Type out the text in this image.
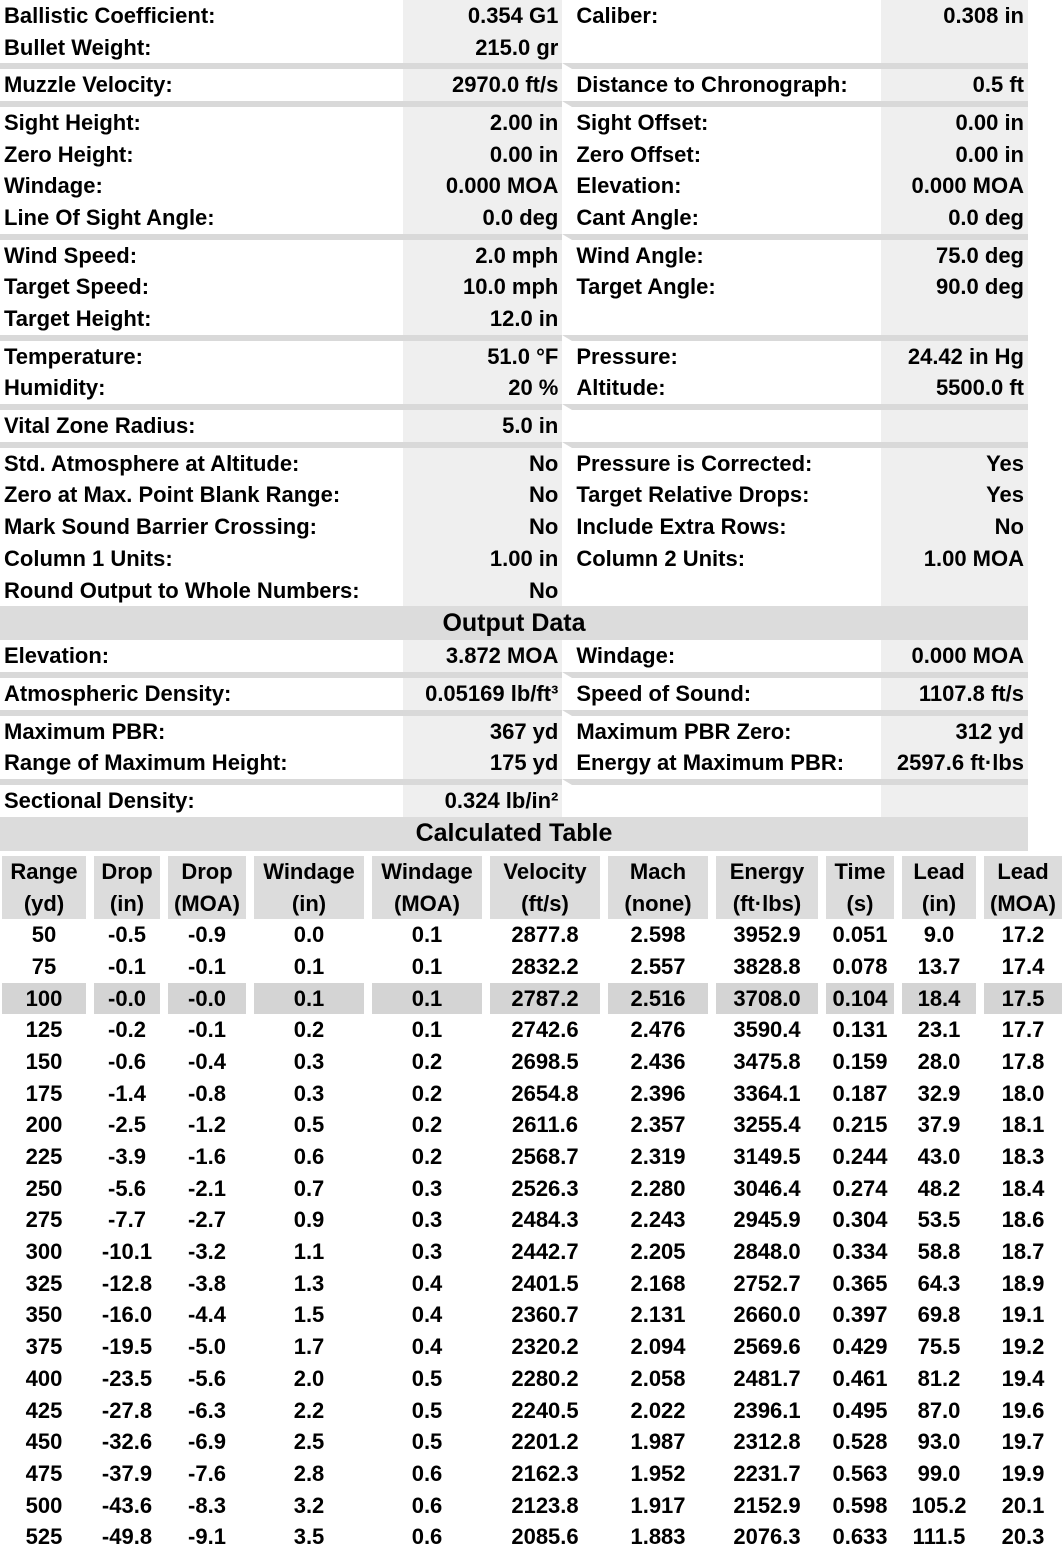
Ballistic Coefficient:	0.354 G1	Caliber:	0.308 in
Bullet Weight:	215.0 gr		
Muzzle Velocity:	2970.0 ft/s	Distance to Chronograph:	0.5 ft
Sight Height:	2.00 in	Sight Offset:	0.00 in
Zero Height:	0.00 in	Zero Offset:	0.00 in
Windage:	0.000 MOA	Elevation:	0.000 MOA
Line Of Sight Angle:	0.0 deg	Cant Angle:	0.0 deg
Wind Speed:	2.0 mph	Wind Angle:	75.0 deg
Target Speed:	10.0 mph	Target Angle:	90.0 deg
Target Height:	12.0 in		
Temperature:	51.0 °F	Pressure:	24.42 in Hg
Humidity:	20 %	Altitude:	5500.0 ft
Vital Zone Radius:	5.0 in		
Std. Atmosphere at Altitude:	No	Pressure is Corrected:	Yes
Zero at Max. Point Blank Range:	No	Target Relative Drops:	Yes
Mark Sound Barrier Crossing:	No	Include Extra Rows:	No
Column 1 Units:	1.00 in	Column 2 Units:	1.00 MOA
Round Output to Whole Numbers:	No		
Output Data			
Elevation:	3.872 MOA	Windage:	0.000 MOA
Atmospheric Density:	0.05169 lb/ft³	Speed of Sound:	1107.8 ft/s
Maximum PBR:	367 yd	Maximum PBR Zero:	312 yd
Range of Maximum Height:	175 yd	Energy at Maximum PBR:	2597.6 ft·lbs
Sectional Density:	0.324 lb/in²		
Calculated Table			
Range	Drop	Drop	Windage	Windage	Velocity	Mach	Energy	Time	Lead	Lead
(yd)	(in)	(MOA)	(in)	(MOA)	(ft/s)	(none)	(ft·lbs)	(s)	(in)	(MOA)
50	-0.5	-0.9	0.0	0.1	2877.8	2.598	3952.9	0.051	9.0	17.2
75	-0.1	-0.1	0.1	0.1	2832.2	2.557	3828.8	0.078	13.7	17.4
100	-0.0	-0.0	0.1	0.1	2787.2	2.516	3708.0	0.104	18.4	17.5
125	-0.2	-0.1	0.2	0.1	2742.6	2.476	3590.4	0.131	23.1	17.7
150	-0.6	-0.4	0.3	0.2	2698.5	2.436	3475.8	0.159	28.0	17.8
175	-1.4	-0.8	0.3	0.2	2654.8	2.396	3364.1	0.187	32.9	18.0
200	-2.5	-1.2	0.5	0.2	2611.6	2.357	3255.4	0.215	37.9	18.1
225	-3.9	-1.6	0.6	0.2	2568.7	2.319	3149.5	0.244	43.0	18.3
250	-5.6	-2.1	0.7	0.3	2526.3	2.280	3046.4	0.274	48.2	18.4
275	-7.7	-2.7	0.9	0.3	2484.3	2.243	2945.9	0.304	53.5	18.6
300	-10.1	-3.2	1.1	0.3	2442.7	2.205	2848.0	0.334	58.8	18.7
325	-12.8	-3.8	1.3	0.4	2401.5	2.168	2752.7	0.365	64.3	18.9
350	-16.0	-4.4	1.5	0.4	2360.7	2.131	2660.0	0.397	69.8	19.1
375	-19.5	-5.0	1.7	0.4	2320.2	2.094	2569.6	0.429	75.5	19.2
400	-23.5	-5.6	2.0	0.5	2280.2	2.058	2481.7	0.461	81.2	19.4
425	-27.8	-6.3	2.2	0.5	2240.5	2.022	2396.1	0.495	87.0	19.6
450	-32.6	-6.9	2.5	0.5	2201.2	1.987	2312.8	0.528	93.0	19.7
475	-37.9	-7.6	2.8	0.6	2162.3	1.952	2231.7	0.563	99.0	19.9
500	-43.6	-8.3	3.2	0.6	2123.8	1.917	2152.9	0.598	105.2	20.1
525	-49.8	-9.1	3.5	0.6	2085.6	1.883	2076.3	0.633	111.5	20.3
